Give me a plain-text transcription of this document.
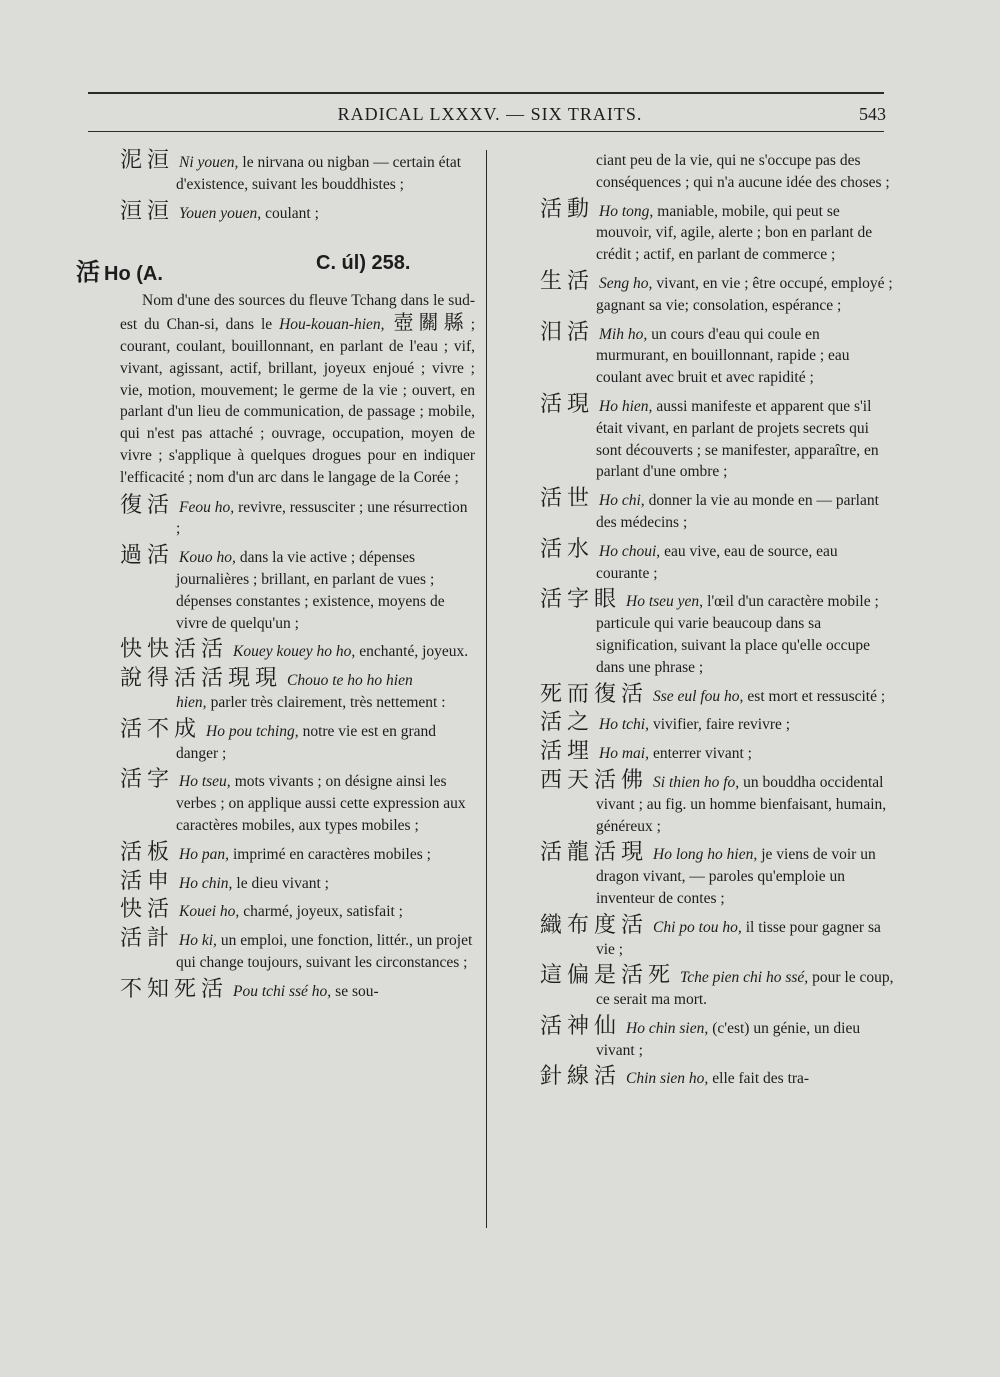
RADICAL LXXXV. — SIX TRAITS.	543
泥洹 Ni youen, le nirvana ou nigban — certain état d'existence, suivant les bouddhistes ;
洹洹 Youen youen, coulant ;
活 Ho (A.	C. úl) 258.
Nom d'une des sources du fleuve Tchang dans le sud-est du Chan-si, dans le Hou-kouan-hien, 壺關縣 ; courant, coulant, bouillonnant, en parlant de l'eau ; vif, vivant, agissant, actif, brillant, joyeux enjoué ; vivre ; vie, motion, mouvement; le germe de la vie ; ouvert, en parlant d'un lieu de communication, de passage ; mobile, qui n'est pas attaché ; ouvrage, occupation, moyen de vivre ; s'applique à quelques drogues pour en indiquer l'efficacité ; nom d'un arc dans le langage de la Corée ;
復活 Feou ho, revivre, ressusciter ; une résurrection ;
過活 Kouo ho, dans la vie active ; dépenses journalières ; brillant, en parlant de vues ; dépenses constantes ; existence, moyens de vivre de quelqu'un ;
快快活活 Kouey kouey ho ho, enchanté, joyeux.
說得活活現現 Chouo te ho ho hien hien, parler très clairement, très nettement :
活不成 Ho pou tching, notre vie est en grand danger ;
活字 Ho tseu, mots vivants ; on désigne ainsi les verbes ; on applique aussi cette expression aux caractères mobiles, aux types mobiles ;
活板 Ho pan, imprimé en caractères mobiles ;
活申 Ho chin, le dieu vivant ;
快活 Kouei ho, charmé, joyeux, satisfait ;
活計 Ho ki, un emploi, une fonction, littér., un projet qui change toujours, suivant les circonstances ;
不知死活 Pou tchi ssé ho, se sou-
ciant peu de la vie, qui ne s'occupe pas des conséquences ; qui n'a aucune idée des choses ;
活動 Ho tong, maniable, mobile, qui peut se mouvoir, vif, agile, alerte ; bon en parlant de crédit ; actif, en parlant de commerce ;
生活 Seng ho, vivant, en vie ; être occupé, employé ; gagnant sa vie; consolation, espérance ;
汨活 Mih ho, un cours d'eau qui coule en murmurant, en bouillonnant, rapide ; eau coulant avec bruit et avec rapidité ;
活現 Ho hien, aussi manifeste et apparent que s'il était vivant, en parlant de projets secrets qui sont découverts ; se manifester, apparaître, en parlant d'une ombre ;
活世 Ho chi, donner la vie au monde en — parlant des médecins ;
活水 Ho choui, eau vive, eau de source, eau courante ;
活字眼 Ho tseu yen, l'œil d'un caractère mobile ; particule qui varie beaucoup dans sa signification, suivant la place qu'elle occupe dans une phrase ;
死而復活 Sse eul fou ho, est mort et ressuscité ;
活之 Ho tchi, vivifier, faire revivre ;
活埋 Ho mai, enterrer vivant ;
西天活佛 Si thien ho fo, un bouddha occidental vivant ; au fig. un homme bienfaisant, humain, généreux ;
活龍活現 Ho long ho hien, je viens de voir un dragon vivant, — paroles qu'emploie un inventeur de contes ;
織布度活 Chi po tou ho, il tisse pour gagner sa vie ;
這偏是活死 Tche pien chi ho ssé, pour le coup, ce serait ma mort.
活神仙 Ho chin sien, (c'est) un génie, un dieu vivant ;
針線活 Chin sien ho, elle fait des tra-
